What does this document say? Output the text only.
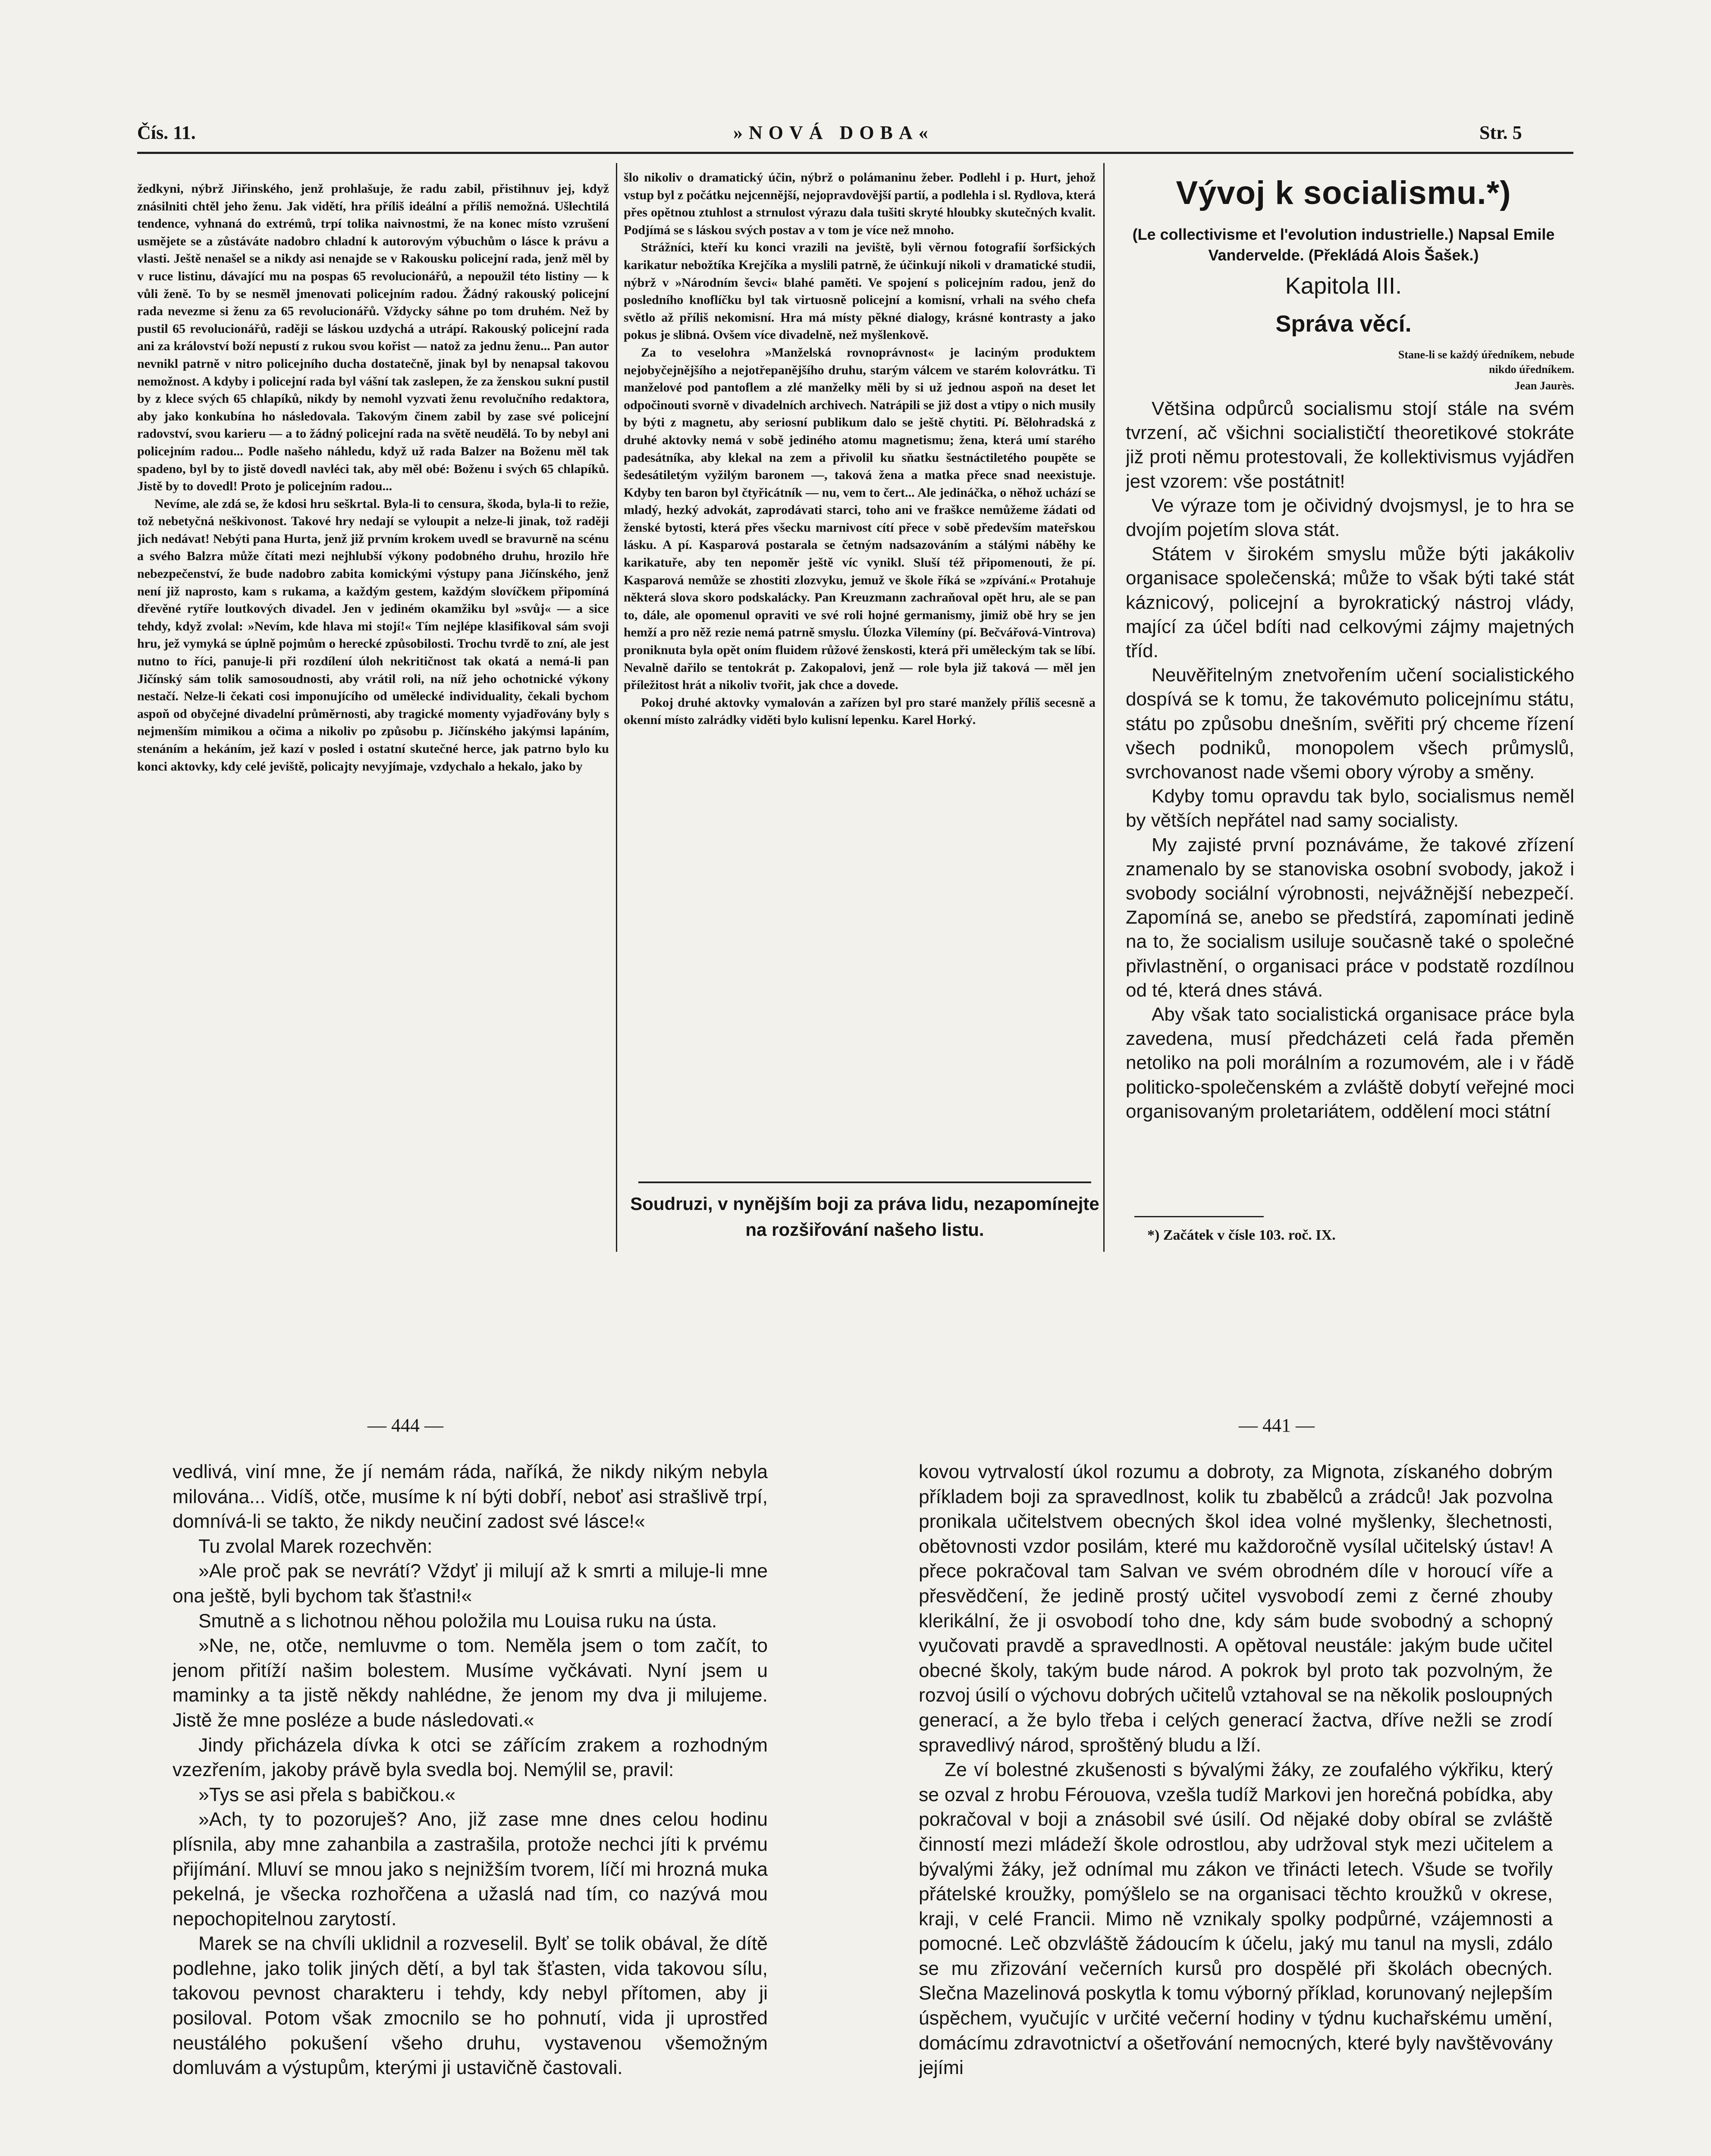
Čís. 11.	»NOVÁ DOBA«	Str. 5

žedkyni, nýbrž Jiřinského, jenž prohlašuje, že radu zabil, přistihnuv jej, když znásilniti chtěl jeho ženu. Jak vidětí, hra příliš ideální a příliš nemožná. Ušlechtilá tendence, vyhnaná do extrémů, trpí tolika naivnostmi, že na konec místo vzrušení usmějete se a zůstáváte nadobro chladní k autorovým výbuchům o lásce k právu a vlasti. Ještě nenašel se a nikdy asi nenajde se v Rakousku policejní rada, jenž měl by v ruce listinu, dávající mu na pospas 65 revolucionářů, a nepoužil této listiny — k vůli ženě. To by se nesměl jmenovati policejním radou. Žádný rakouský policejní rada nevezme si ženu za 65 revolucionářů. Vždycky sáhne po tom druhém. Než by pustil 65 revolucionářů, raději se láskou uzdychá a utrápí. Rakouský policejní rada ani za království boží nepustí z rukou svou kořist — natož za jednu ženu... Pan autor nevnikl patrně v nitro policejního ducha dostatečně, jinak byl by nenapsal takovou nemožnost. A kdyby i policejní rada byl vášní tak zaslepen, že za ženskou sukní pustil by z klece svých 65 chlapíků, nikdy by nemohl vyzvati ženu revolučního redaktora, aby jako konkubína ho následovala. Takovým činem zabil by zase své policejní radovství, svou karieru — a to žádný policejní rada na světě neudělá. To by nebyl ani policejním radou... Podle našeho náhledu, když už rada Balzer na Boženu měl tak spadeno, byl by to jistě dovedl navléci tak, aby měl obé: Boženu i svých 65 chlapíků. Jistě by to dovedl! Proto je policejním radou...

Nevíme, ale zdá se, že kdosi hru seškrtal. Byla-li to censura, škoda, byla-li to režie, tož nebetyčná neškivonost. Takové hry nedají se vyloupit a nelze-li jinak, tož raději jich nedávat! Nebýti pana Hurta, jenž již prvním krokem uvedl se bravurně na scénu a svého Balzra může čítati mezi nejhlubší výkony podobného druhu, hrozilo hře nebezpečenství, že bude nadobro zabita komickými výstupy pana Jičínského, jenž není již naprosto, kam s rukama, a každým gestem, každým slovíčkem připomíná dřevěné rytíře loutkových divadel. Jen v jediném okamžiku byl »svůj« — a sice tehdy, když zvolal: »Nevím, kde hlava mi stojí!« Tím nejlépe klasifikoval sám svoji hru, jež vymyká se úplně pojmům o herecké způsobilosti. Trochu tvrdě to zní, ale jest nutno to říci, panuje-li při rozdílení úloh nekritičnost tak okatá a nemá-li pan Jičínský sám tolik samosoudnosti, aby vrátil roli, na níž jeho ochotnické výkony nestačí. Nelze-li čekati cosi imponujícího od umělecké individuality, čekali bychom aspoň od obyčejné divadelní průměrnosti, aby tragické momenty vyjadřovány byly s nejmenším mimikou a očima a nikoliv po způsobu p. Jičínského jakýmsi lapáním, stenáním a hekáním, jež kazí v posled i ostatní skutečné herce, jak patrno bylo ku konci aktovky, kdy celé jeviště, policajty nevyjímaje, vzdychalo a hekalo, jako by

šlo nikoliv o dramatický účin, nýbrž o polámaninu žeber. Podlehl i p. Hurt, jehož vstup byl z počátku nejcennější, nejopravdovější partií, a podlehla i sl. Rydlova, která přes opětnou ztuhlost a strnulost výrazu dala tušiti skryté hloubky skutečných kvalit. Podjímá se s láskou svých postav a v tom je více než mnoho.

Strážníci, kteří ku konci vrazili na jeviště, byli věrnou fotografií šorfšických karikatur nebožtíka Krejčíka a myslili patrně, že účinkují nikoli v dramatické studii, nýbrž v »Národním ševci« blahé paměti. Ve spojení s policejním radou, jenž do posledního knoflíčku byl tak virtuosně policejní a komisní, vrhali na svého chefa světlo až příliš nekomisní. Hra má místy pěkné dialogy, krásné kontrasty a jako pokus je slibná. Ovšem více divadelně, než myšlenkově.

Za to veselohra »Manželská rovnoprávnost« je laciným produktem nejobyčejnějšího a nejotřepanějšího druhu, starým válcem ve starém kolovrátku. Ti manželové pod pantoflem a zlé manželky měli by si už jednou aspoň na deset let odpočinouti svorně v divadelních archivech. Natrápili se již dost a vtipy o nich musily by býti z magnetu, aby seriosní publikum dalo se ještě chytiti. Pí. Bělohradská z druhé aktovky nemá v sobě jediného atomu magnetismu; žena, která umí starého padesátníka, aby klekal na zem a přivolil ku sňatku šestnáctiletého poupěte se šedesátiletým vyžilým baronem —, taková žena a matka přece snad neexistuje. Kdyby ten baron byl čtyřicátník — nu, vem to čert... Ale jedináčka, o něhož uchází se mladý, hezký advokát, zaprodávati starci, toho ani ve fraškce nemůžeme žádati od ženské bytosti, která přes všecku marnivost cítí přece v sobě především mateřskou lásku. A pí. Kasparová postarala se četným nadsazováním a stálými náběhy ke karikatuře, aby ten nepoměr ještě víc vynikl. Sluší též připomenouti, že pí. Kasparová nemůže se zhostiti zlozvyku, jemuž ve škole říká se »zpívání.« Protahuje některá slova skoro podskalácky. Pan Kreuzmann zachraňoval opět hru, ale se pan to, dále, ale opomenul opraviti ve své roli hojné germanismy, jimiž obě hry se jen hemží a pro něž rezie nemá patrně smyslu. Úlozka Vilemíny (pí. Bečvářová-Vintrova) proniknuta byla opět oním fluidem růžové ženskosti, která při uměleckým tak se líbí. Nevalně dařilo se tentokrát p. Zakopalovi, jenž — role byla již taková — měl jen příležitost hrát a nikoliv tvořit, jak chce a dovede.

Pokoj druhé aktovky vymalován a zařízen byl pro staré manžely příliš secesně a okenní místo zalrádky viděti bylo kulisní lepenku. Karel Horký.

Soudruzi, v nynějším boji za práva lidu, nezapomínejte na rozšiřování našeho listu.
Vývoj k socialismu.*)
(Le collectivisme et l'evolution industrielle.) Napsal Emile Vandervelde. (Překládá Alois Šašek.)
Kapitola III.
Správa věcí.
Stane-li se každý úředníkem, nebude nikdo úředníkem.
Jean Jaurès.

Většina odpůrců socialismu stojí stále na svém tvrzení, ač všichni socialističtí theoretikové stokráte již proti němu protestovali, že kollektivismus vyjádřen jest vzorem: vše postátnit!

Ve výraze tom je očividný dvojsmysl, je to hra se dvojím pojetím slova stát.

Státem v širokém smyslu může býti jakákoliv organisace společenská; může to však býti také stát káznicový, policejní a byrokratický nástroj vlády, mající za účel bdíti nad celkovými zájmy majetných tříd.

Neuvěřitelným znetvořením učení socialistického dospívá se k tomu, že takovémuto policejnímu státu, státu po způsobu dnešním, svěřiti prý chceme řízení všech podniků, monopolem všech průmyslů, svrchovanost nade všemi obory výroby a směny.

Kdyby tomu opravdu tak bylo, socialismus neměl by větších nepřátel nad samy socialisty.

My zajisté první poznáváme, že takové zřízení znamenalo by se stanoviska osobní svobody, jakož i svobody sociální výrobnosti, nejvážnější nebezpečí. Zapomíná se, anebo se předstírá, zapomínati jedině na to, že socialism usiluje současně také o společné přivlastnění, o organisaci práce v podstatě rozdílnou od té, která dnes stává.

Aby však tato socialistická organisace práce byla zavedena, musí předcházeti celá řada přeměn netoliko na poli morálním a rozumovém, ale i v řádě politicko-společenském a zvláště dobytí veřejné moci organisovaným proletariátem, oddělení moci státní

*) Začátek v čísle 103. roč. IX.
— 444 —

vedlivá, viní mne, že jí nemám ráda, naříká, že nikdy nikým nebyla milována... Vidíš, otče, musíme k ní býti dobří, neboť asi strašlivě trpí, domnívá-li se takto, že nikdy neučiní zadost své lásce!«

Tu zvolal Marek rozechvěn:

»Ale proč pak se nevrátí? Vždyť ji milují až k smrti a miluje-li mne ona ještě, byli bychom tak šťastni!«

Smutně a s lichotnou něhou položila mu Louisa ruku na ústa.

»Ne, ne, otče, nemluvme o tom. Neměla jsem o tom začít, to jenom přitíží našim bolestem. Musíme vyčkávati. Nyní jsem u maminky a ta jistě někdy nahlédne, že jenom my dva ji milujeme. Jistě že mne posléze a bude následovati.«

Jindy přicházela dívka k otci se zářícím zrakem a rozhodným vzezřením, jakoby právě byla svedla boj. Nemýlil se, pravil:

»Tys se asi přela s babičkou.«

»Ach, ty to pozoruješ? Ano, již zase mne dnes celou hodinu plísnila, aby mne zahanbila a zastrašila, protože nechci jíti k prvému přijímání. Mluví se mnou jako s nejnižším tvorem, líčí mi hrozná muka pekelná, je všecka rozhořčena a užaslá nad tím, co nazývá mou nepochopitelnou zarytostí.

Marek se na chvíli uklidnil a rozveselil. Bylť se tolik obával, že dítě podlehne, jako tolik jiných dětí, a byl tak šťasten, vida takovou sílu, takovou pevnost charakteru i tehdy, kdy nebyl přítomen, aby ji posiloval. Potom však zmocnilo se ho pohnutí, vida ji uprostřed neustálého pokušení všeho druhu, vystavenou všemožným domluvám a výstupům, kterými ji ustavičně častovali.

— 441 —

kovou vytrvalostí úkol rozumu a dobroty, za Mignota, získaného dobrým příkladem boji za spravedlnost, kolik tu zbabělců a zrádců! Jak pozvolna pronikala učitelstvem obecných škol idea volné myšlenky, šlechetnosti, obětovnosti vzdor posilám, které mu každoročně vysílal učitelský ústav! A přece pokračoval tam Salvan ve svém obrodném díle v horoucí víře a přesvědčení, že jedině prostý učitel vysvobodí zemi z černé zhouby klerikální, že ji osvobodí toho dne, kdy sám bude svobodný a schopný vyučovati pravdě a spravedlnosti. A opětoval neustále: jakým bude učitel obecné školy, takým bude národ. A pokrok byl proto tak pozvolným, že rozvoj úsilí o výchovu dobrých učitelů vztahoval se na několik posloupných generací, a že bylo třeba i celých generací žactva, dříve nežli se zrodí spravedlivý národ, sproštěný bludu a lží.

Ze ví bolestné zkušenosti s bývalými žáky, ze zoufalého výkřiku, který se ozval z hrobu Férouova, vzešla tudíž Markovi jen horečná pobídka, aby pokračoval v boji a znásobil své úsilí. Od nějaké doby obíral se zvláště činností mezi mládeží škole odrostlou, aby udržoval styk mezi učitelem a bývalými žáky, jež odnímal mu zákon ve třinácti letech. Všude se tvořily přátelské kroužky, pomýšlelo se na organisaci těchto kroužků v okrese, kraji, v celé Francii. Mimo ně vznikaly spolky podpůrné, vzájemnosti a pomocné. Leč obzvláště žádoucím k účelu, jaký mu tanul na mysli, zdálo se mu zřizování večerních kursů pro dospělé při školách obecných. Slečna Mazelinová poskytla k tomu výborný příklad, korunovaný nejlepším úspěchem, vyučujíc v určité večerní hodiny v týdnu kuchařskému umění, domácímu zdravotnictví a ošetřování nemocných, které byly navštěvovány jejími
